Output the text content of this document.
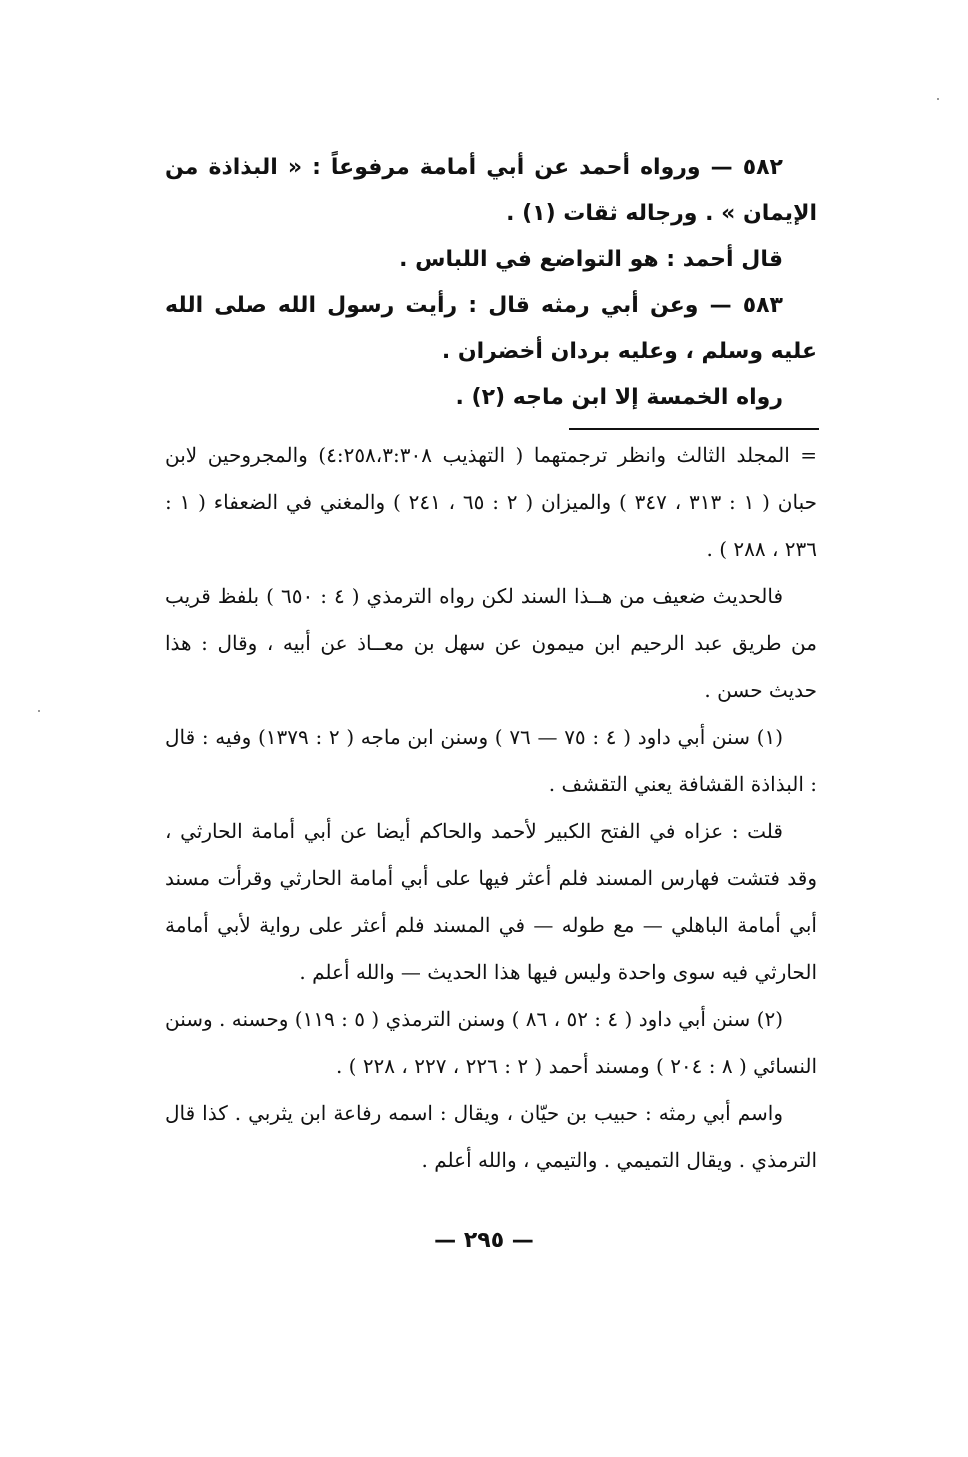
٥٨٢ — ورواه أحمد عن أبي أمامة مرفوعاً : « البذاذة من الإيمان » . ورجاله ثقات (١) .

قال أحمد : هو التواضع في اللباس .

٥٨٣ — وعن أبي رمثه قال : رأيت رسول الله صلى الله عليه وسلم ، وعليه بردان أخضران .

رواه الخمسة إلا ابن ماجه (٢) .

= المجلد الثالث وانظر ترجمتهما ( التهذيب ٤:٢٥٨،٣:٣٠٨) والمجروحين لابن حبان ( ١ : ٣١٣ ، ٣٤٧ ) والميزان ( ٢ : ٦٥ ، ٢٤١ ) والمغني في الضعفاء ( ١ : ٢٣٦ ، ٢٨٨ ) .

فالحديث ضعيف من هــذا السند لكن رواه الترمذي ( ٤ : ٦٥٠ ) بلفظ قريب من طريق عبد الرحيم ابن ميمون عن سهل بن معــاذ عن أبيه ، وقال : هذا حديث حسن .

(١) سنن أبي داود ( ٤ : ٧٥ — ٧٦ ) وسنن ابن ماجه ( ٢ : ١٣٧٩) وفيه : قال : البذاذة القشافة يعني التقشف .

قلت : عزاه في الفتح الكبير لأحمد والحاكم أيضا عن أبي أمامة الحارثي ، وقد فتشت فهارس المسند فلم أعثر فيها على أبي أمامة الحارثي وقرأت مسند أبي أمامة الباهلي — مع طوله — في المسند فلم أعثر على رواية لأبي أمامة الحارثي فيه سوى واحدة وليس فيها هذا الحديث — والله أعلم .

(٢) سنن أبي داود ( ٤ : ٥٢ ، ٨٦ ) وسنن الترمذي ( ٥ : ١١٩) وحسنه . وسنن النسائي ( ٨ : ٢٠٤ ) ومسند أحمد ( ٢ : ٢٢٦ ، ٢٢٧ ، ٢٢٨ ) .

واسم أبي رمثه : حبيب بن حيّان ، ويقال : اسمه رفاعة ابن يثربي . كذا قال الترمذي . ويقال التميمي . والتيمي ، والله أعلم .

— ٢٩٥ —
